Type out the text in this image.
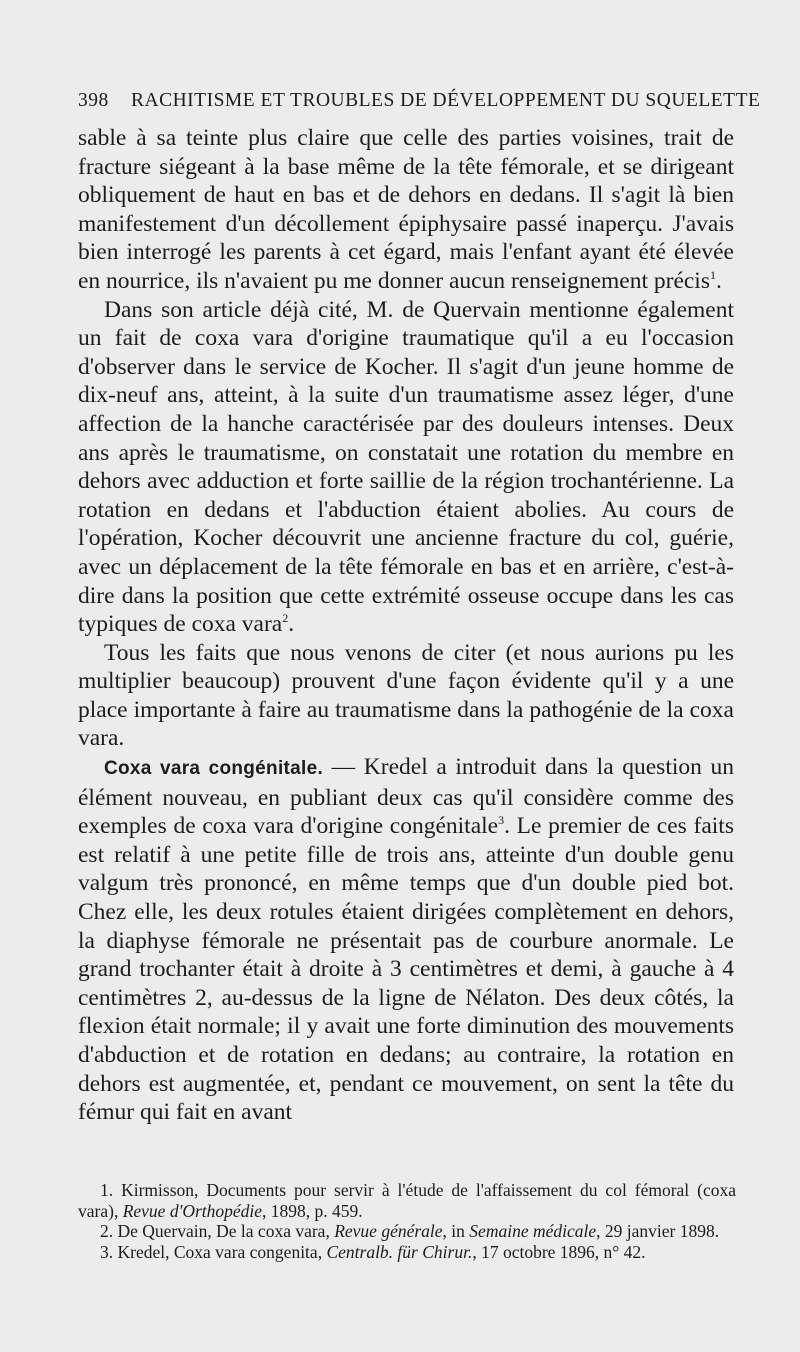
398 RACHITISME ET TROUBLES DE DÉVELOPPEMENT DU SQUELETTE

sable à sa teinte plus claire que celle des parties voisines, trait de fracture siégeant à la base même de la tête fémorale, et se dirigeant obliquement de haut en bas et de dehors en dedans. Il s'agit là bien manifestement d'un décollement épiphysaire passé inaperçu. J'avais bien interrogé les parents à cet égard, mais l'enfant ayant été élevée en nourrice, ils n'avaient pu me donner aucun renseignement précis$^1$.

Dans son article déjà cité, M. de Quervain mentionne également un fait de coxa vara d'origine traumatique qu'il a eu l'occasion d'observer dans le service de Kocher. Il s'agit d'un jeune homme de dix-neuf ans, atteint, à la suite d'un traumatisme assez léger, d'une affection de la hanche caractérisée par des douleurs intenses. Deux ans après le traumatisme, on constatait une rotation du membre en dehors avec adduction et forte saillie de la région trochantérienne. La rotation en dedans et l'abduction étaient abolies. Au cours de l'opération, Kocher découvrit une ancienne fracture du col, guérie, avec un déplacement de la tête fémorale en bas et en arrière, c'est-à-dire dans la position que cette extrémité osseuse occupe dans les cas typiques de coxa vara$^2$.

Tous les faits que nous venons de citer (et nous aurions pu les multiplier beaucoup) prouvent d'une façon évidente qu'il y a une place importante à faire au traumatisme dans la pathogénie de la coxa vara.

Coxa vara congénitale. — Kredel a introduit dans la question un élément nouveau, en publiant deux cas qu'il considère comme des exemples de coxa vara d'origine congénitale$^3$. Le premier de ces faits est relatif à une petite fille de trois ans, atteinte d'un double genu valgum très prononcé, en même temps que d'un double pied bot. Chez elle, les deux rotules étaient dirigées complètement en dehors, la diaphyse fémorale ne présentait pas de courbure anormale. Le grand trochanter était à droite à 3 centimètres et demi, à gauche à 4 centimètres 2, au-dessus de la ligne de Nélaton. Des deux côtés, la flexion était normale; il y avait une forte diminution des mouvements d'abduction et de rotation en dedans; au contraire, la rotation en dehors est augmentée, et, pendant ce mouvement, on sent la tête du fémur qui fait en avant

1. Kirmisson, Documents pour servir à l'étude de l'affaissement du col fémoral (coxa vara), Revue d'Orthopédie, 1898, p. 459.

2. De Quervain, De la coxa vara, Revue générale, in Semaine médicale, 29 janvier 1898.

3. Kredel, Coxa vara congenita, Centralb. für Chirur., 17 octobre 1896, n° 42.
